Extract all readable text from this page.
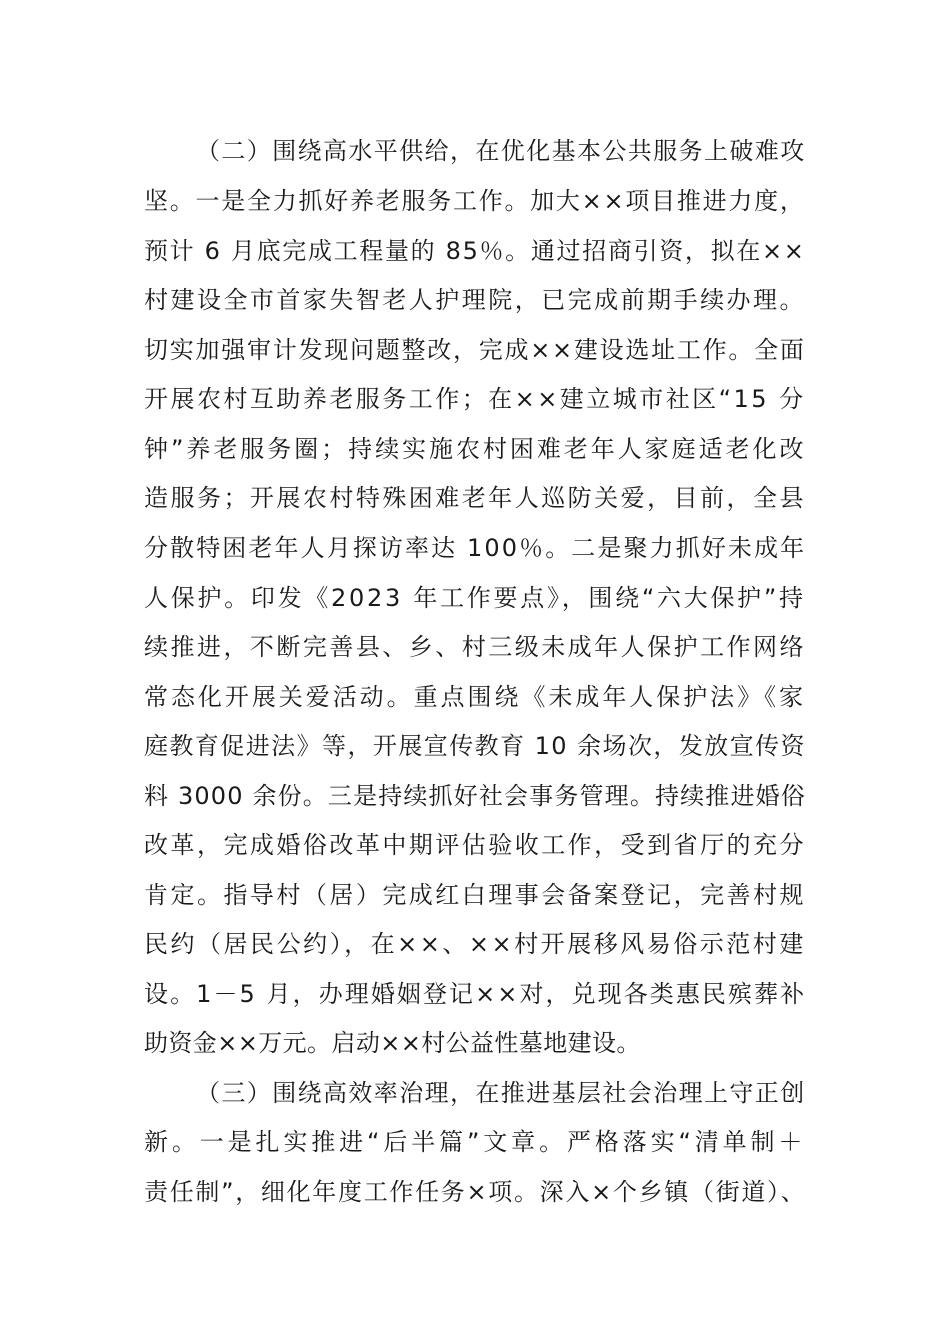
（二）围绕高水平供给，在优化基本公共服务上破难攻
坚。一是全力抓好养老服务工作。加大××项目推进力度，
预计 6 月底完成工程量的 85％。通过招商引资，拟在××
村建设全市首家失智老人护理院，已完成前期手续办理。
切实加强审计发现问题整改，完成××建设选址工作。全面
开展农村互助养老服务工作；在××建立城市社区“15 分
钟”养老服务圈；持续实施农村困难老年人家庭适老化改
造服务；开展农村特殊困难老年人巡防关爱，目前，全县
分散特困老年人月探访率达 100％。二是聚力抓好未成年
人保护。印发《2023 年工作要点》，围绕“六大保护”持
续推进，不断完善县、乡、村三级未成年人保护工作网络
常态化开展关爱活动。重点围绕《未成年人保护法》《家
庭教育促进法》等，开展宣传教育 10 余场次，发放宣传资
料 3000 余份。三是持续抓好社会事务管理。持续推进婚俗
改革，完成婚俗改革中期评估验收工作，受到省厅的充分
肯定。指导村（居）完成红白理事会备案登记，完善村规
民约（居民公约），在××、××村开展移风易俗示范村建
设。1－5 月，办理婚姻登记××对，兑现各类惠民殡葬补
助资金××万元。启动××村公益性墓地建设。
（三）围绕高效率治理，在推进基层社会治理上守正创
新。一是扎实推进“后半篇”文章。严格落实“清单制＋
责任制”，细化年度工作任务×项。深入×个乡镇（街道）、
